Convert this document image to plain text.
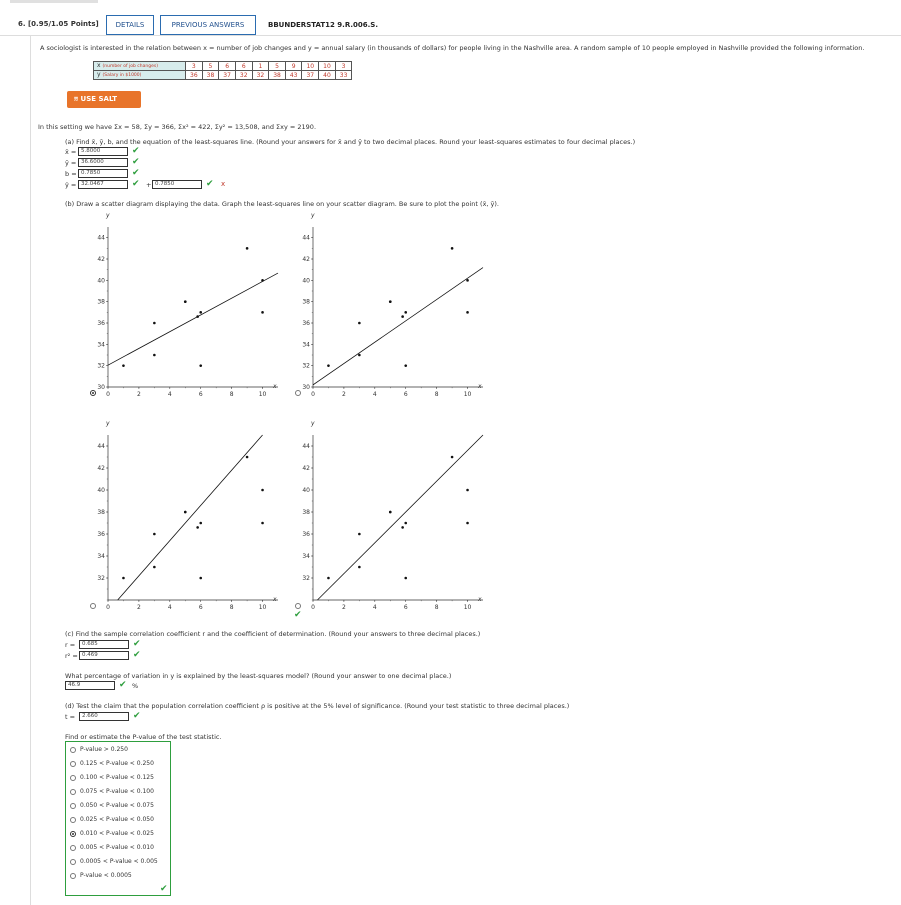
6. [0.95/1.05 Points]	DETAILS	PREVIOUS ANSWERS	BBUNDERSTAT12 9.R.006.S.
A sociologist is interested in the relation between x = number of job changes and y = annual salary (in thousands of dollars) for people living in the Nashville area. A random sample of 10 people employed in Nashville provided the following information.
x (number of job changes)	3	5	6	6	1	5	9	10	10	3
y (Salary in $1000)	36	38	37	32	32	38	43	37	40	33
⩳ USE SALT
In this setting we have Σx = 58, Σy = 366, Σx² = 422, Σy² = 13,508, and Σxy = 2190.
(a) Find x̄, ȳ, b, and the equation of the least-squares line. (Round your answers for x̄ and ȳ to two decimal places. Round your least-squares estimates to four decimal places.)
x̄ = 5.8000	✔
ȳ = 36.6000	✔
b = 0.7850	✔
ŷ = 32.0467	✔ + 0.7850	✔ x
(b) Draw a scatter diagram displaying the data. Graph the least-squares line on your scatter diagram. Be sure to plot the point (x̄, ȳ).
0	2	4	6	8	10
30
32
34
36
38
40
42
44
x
y
0	2	4	6	8	10
30
32
34
36
38
40
42
44
x
y
0	2	4	6	8	10
32
34
36
38
40
42
44
x
y
0	2	4	6	8	10
32
34
36
38
40
42
44
x
y
✔
(c) Find the sample correlation coefficient r and the coefficient of determination. (Round your answers to three decimal places.)
r =	0.685	✔
r² = 0.469	✔
What percentage of variation in y is explained by the least-squares model? (Round your answer to one decimal place.)
46.9	✔ %
(d) Test the claim that the population correlation coefficient ρ is positive at the 5% level of significance. (Round your test statistic to three decimal places.)
t =	2.660	✔
Find or estimate the P-value of the test statistic.
P-value > 0.250
0.125 < P-value < 0.250
0.100 < P-value < 0.125
0.075 < P-value < 0.100
0.050 < P-value < 0.075
0.025 < P-value < 0.050
0.010 < P-value < 0.025
0.005 < P-value < 0.010
0.0005 < P-value < 0.005
P-value < 0.0005
✔
